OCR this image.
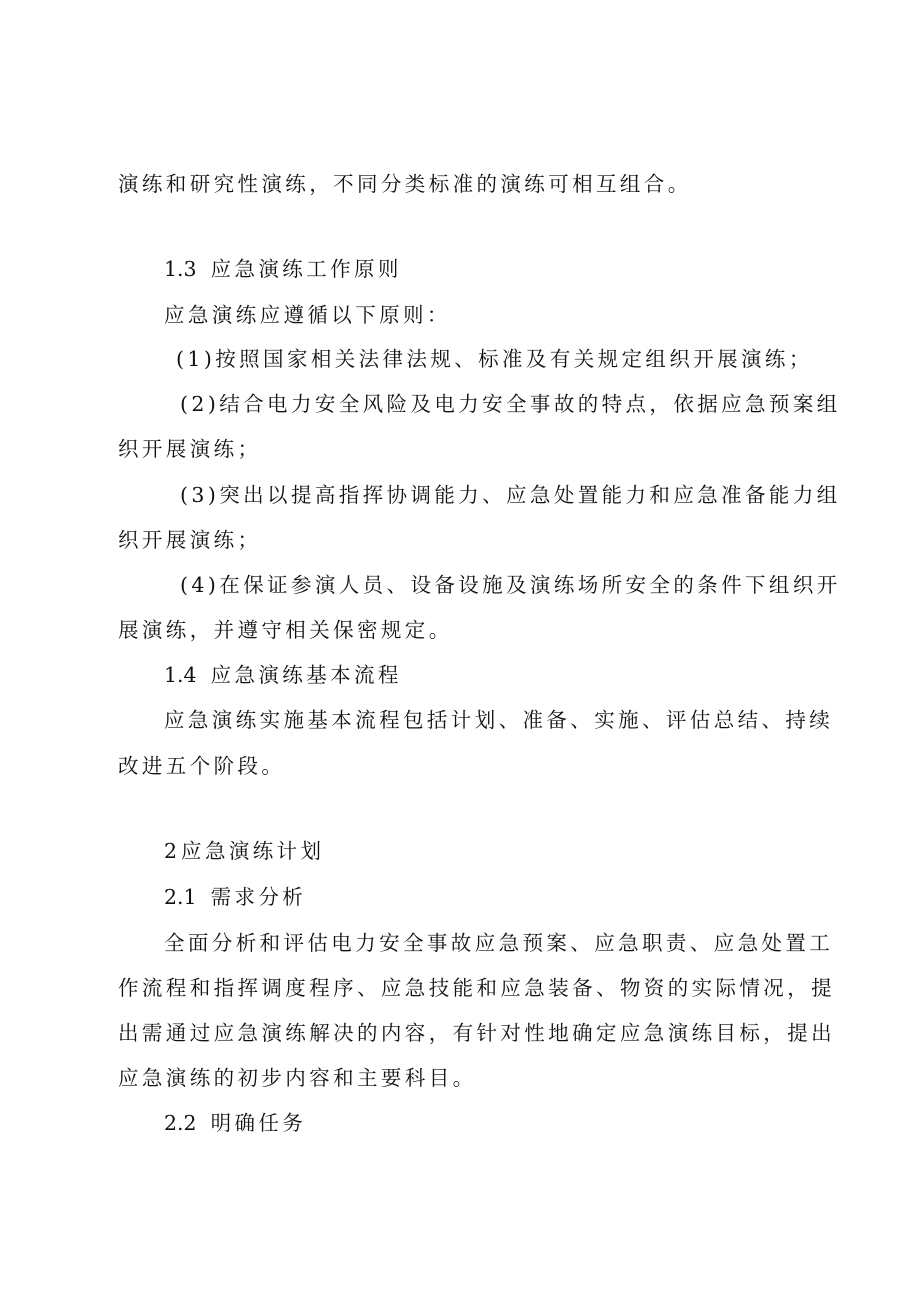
演练和研究性演练，不同分类标准的演练可相互组合。
1.3 应急演练工作原则
应急演练应遵循以下原则：
(1)按照国家相关法律法规、标准及有关规定组织开展演练；
(2)结合电力安全风险及电力安全事故的特点，依据应急预案组
织开展演练；
(3)突出以提高指挥协调能力、应急处置能力和应急准备能力组
织开展演练；
(4)在保证参演人员、设备设施及演练场所安全的条件下组织开
展演练，并遵守相关保密规定。
1.4 应急演练基本流程
应急演练实施基本流程包括计划、准备、实施、评估总结、持续
改进五个阶段。
2 应急演练计划
2.1 需求分析
全面分析和评估电力安全事故应急预案、应急职责、应急处置工
作流程和指挥调度程序、应急技能和应急装备、物资的实际情况，提
出需通过应急演练解决的内容，有针对性地确定应急演练目标，提出
应急演练的初步内容和主要科目。
2.2 明确任务
